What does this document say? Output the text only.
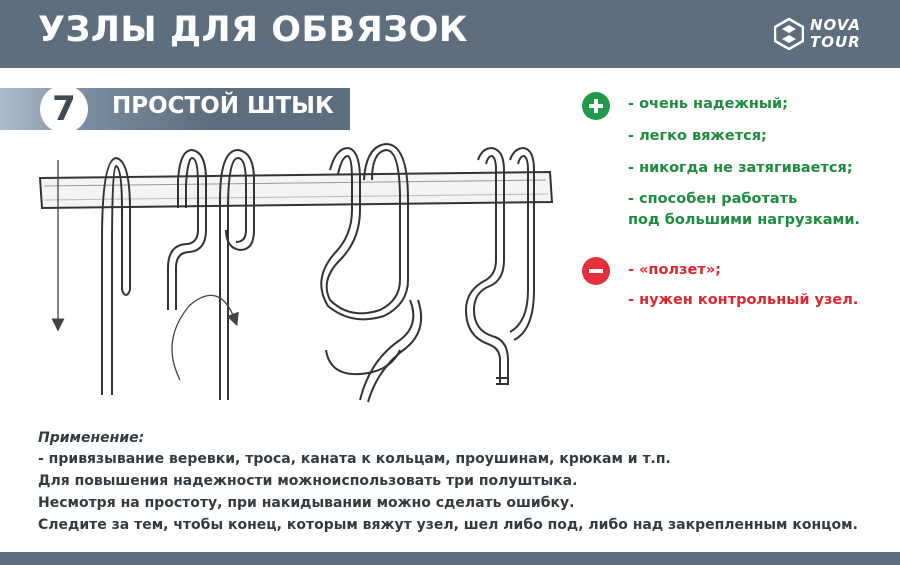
УЗЛЫ ДЛЯ ОБВЯЗОК	NOVA
TOUR
7	ПРОСТОЙ ШТЫК	- очень надежный;
- легко вяжется;
- никогда не затягивается;
- способен работать
под большими нагрузками.
- «ползет»;
- нужен контрольный узел.
Применение:
- привязывание веревки, троса, каната к кольцам, проушинам, крюкам и т.п.
Для повышения надежности можноиспользовать три полуштыка.
Несмотря на простоту, при накидывании можно сделать ошибку.
Следите за тем, чтобы конец, которым вяжут узел, шел либо под, либо над закрепленным концом.
